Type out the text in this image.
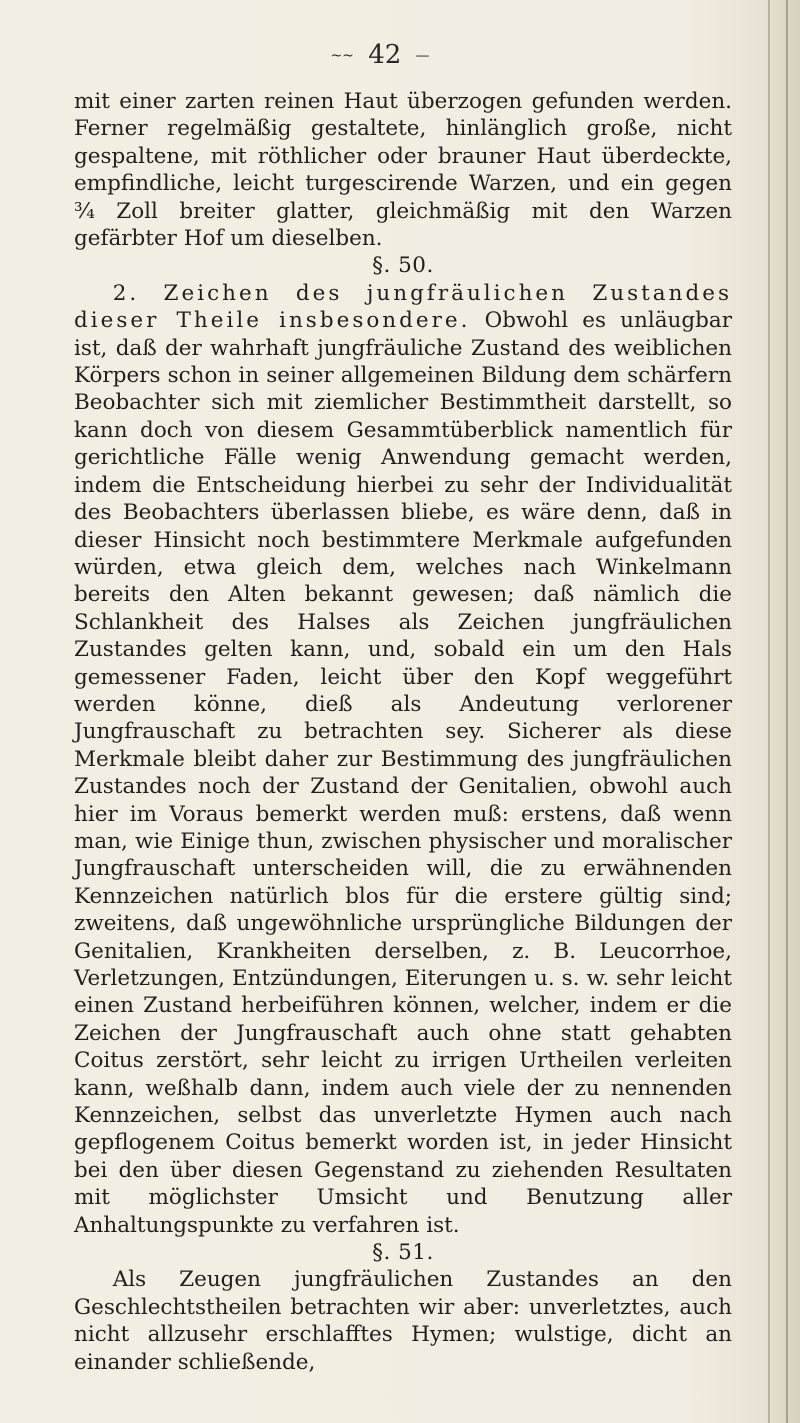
~~ 42 —

mit einer zarten reinen Haut überzogen gefunden werden. Ferner regelmäßig gestaltete, hinlänglich große, nicht gespaltene, mit röthlicher oder brauner Haut überdeckte, empfindliche, leicht turgescirende Warzen, und ein gegen ¾ Zoll breiter glatter, gleichmäßig mit den Warzen gefärbter Hof um dieselben.

§. 50.

2. Zeichen des jungfräulichen Zustandes dieser Theile insbesondere. Obwohl es unläugbar ist, daß der wahrhaft jungfräuliche Zustand des weiblichen Körpers schon in seiner allgemeinen Bildung dem schärfern Beobachter sich mit ziemlicher Bestimmtheit darstellt, so kann doch von diesem Gesammtüberblick namentlich für gerichtliche Fälle wenig Anwendung gemacht werden, indem die Entscheidung hierbei zu sehr der Individualität des Beobachters überlassen bliebe, es wäre denn, daß in dieser Hinsicht noch bestimmtere Merkmale aufgefunden würden, etwa gleich dem, welches nach Winkelmann bereits den Alten bekannt gewesen; daß nämlich die Schlankheit des Halses als Zeichen jungfräulichen Zustandes gelten kann, und, sobald ein um den Hals gemessener Faden, leicht über den Kopf weggeführt werden könne, dieß als Andeutung verlorener Jungfrauschaft zu betrachten sey. Sicherer als diese Merkmale bleibt daher zur Bestimmung des jungfräulichen Zustandes noch der Zustand der Genitalien, obwohl auch hier im Voraus bemerkt werden muß: erstens, daß wenn man, wie Einige thun, zwischen physischer und moralischer Jungfrauschaft unterscheiden will, die zu erwähnenden Kennzeichen natürlich blos für die erstere gültig sind; zweitens, daß ungewöhnliche ursprüngliche Bildungen der Genitalien, Krankheiten derselben, z. B. Leucorrhoe, Verletzungen, Entzündungen, Eiterungen u. s. w. sehr leicht einen Zustand herbeiführen können, welcher, indem er die Zeichen der Jungfrauschaft auch ohne statt gehabten Coitus zerstört, sehr leicht zu irrigen Urtheilen verleiten kann, weßhalb dann, indem auch viele der zu nennenden Kennzeichen, selbst das unverletzte Hymen auch nach gepflogenem Coitus bemerkt worden ist, in jeder Hinsicht bei den über diesen Gegenstand zu ziehenden Resultaten mit möglichster Umsicht und Benutzung aller Anhaltungspunkte zu verfahren ist.

§. 51.

Als Zeugen jungfräulichen Zustandes an den Geschlechtstheilen betrachten wir aber: unverletztes, auch nicht allzusehr erschlafftes Hymen; wulstige, dicht an einander schließende,
